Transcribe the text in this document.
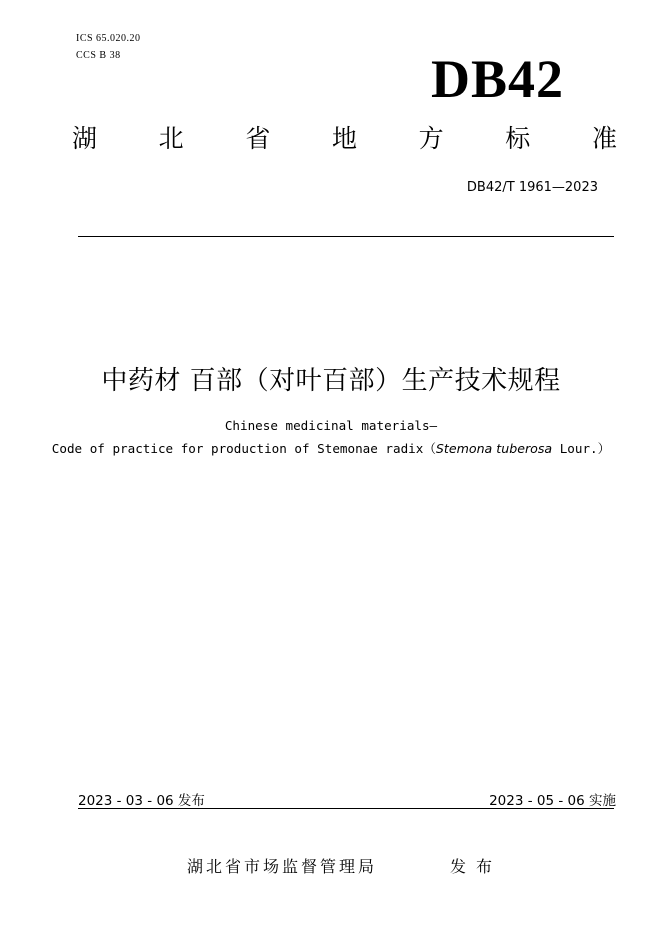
ICS 65.020.20
CCS B 38	DB42
湖 北 省 地 方 标 准
DB42/T 1961—2023
中药材 百部（对叶百部）生产技术规程
Chinese medicinal materials—
Code of practice for production of Stemonae radix（Stemona tuberosa Lour.）
2023 - 03 - 06 发布	2023 - 05 - 06 实施
湖北省市场监督管理局	发布
